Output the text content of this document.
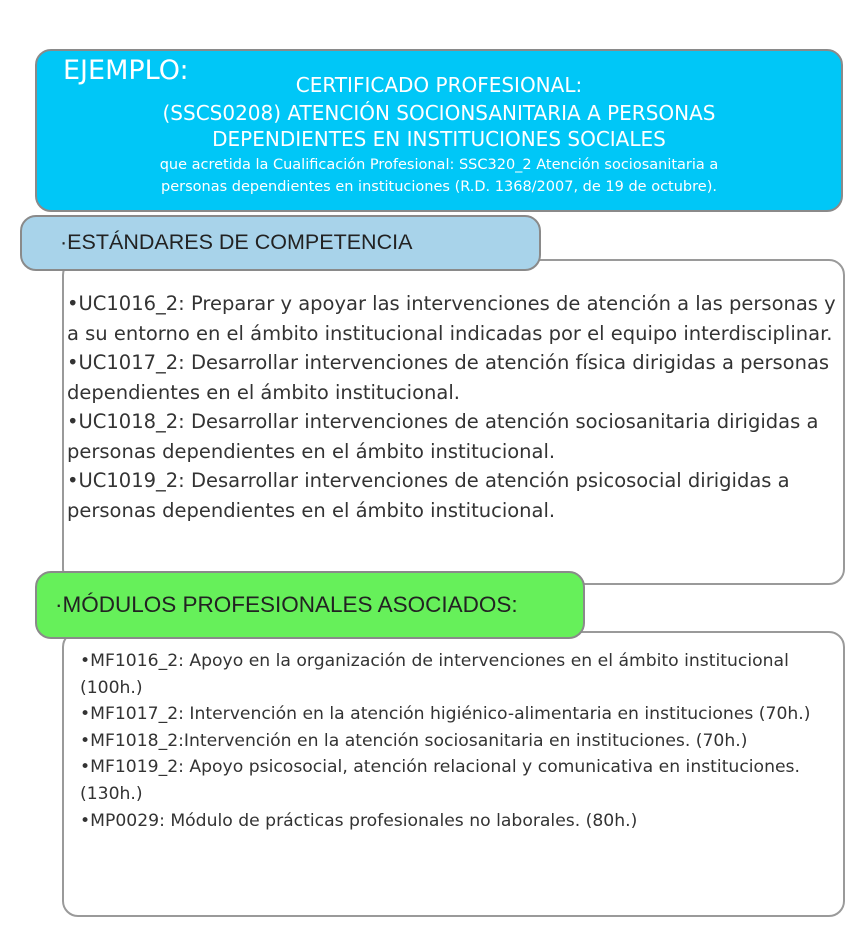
EJEMPLO:	CERTIFICADO PROFESIONAL:
(SSCS0208) ATENCIÓN SOCIONSANITARIA A PERSONAS
DEPENDIENTES EN INSTITUCIONES SOCIALES
que acretida la Cualificación Profesional: SSC320_2 Atención sociosanitaria a
personas dependientes en instituciones (R.D. 1368/2007, de 19 de octubre).
·ESTÁNDARES DE COMPETENCIA

•UC1016_2: Preparar y apoyar las intervenciones de atención a las personas y a su entorno en el ámbito institucional indicadas por el equipo interdisciplinar.

•UC1017_2: Desarrollar intervenciones de atención física dirigidas a personas dependientes en el ámbito institucional.

•UC1018_2: Desarrollar intervenciones de atención sociosanitaria dirigidas a personas dependientes en el ámbito institucional.

•UC1019_2: Desarrollar intervenciones de atención psicosocial dirigidas a personas dependientes en el ámbito institucional.

·MÓDULOS PROFESIONALES ASOCIADOS:

•MF1016_2: Apoyo en la organización de intervenciones en el ámbito institucional (100h.)

•MF1017_2: Intervención en la atención higiénico-alimentaria en instituciones (70h.)

•MF1018_2:Intervención en la atención sociosanitaria en instituciones. (70h.)

•MF1019_2: Apoyo psicosocial, atención relacional y comunicativa en instituciones. (130h.)

•MP0029: Módulo de prácticas profesionales no laborales. (80h.)
